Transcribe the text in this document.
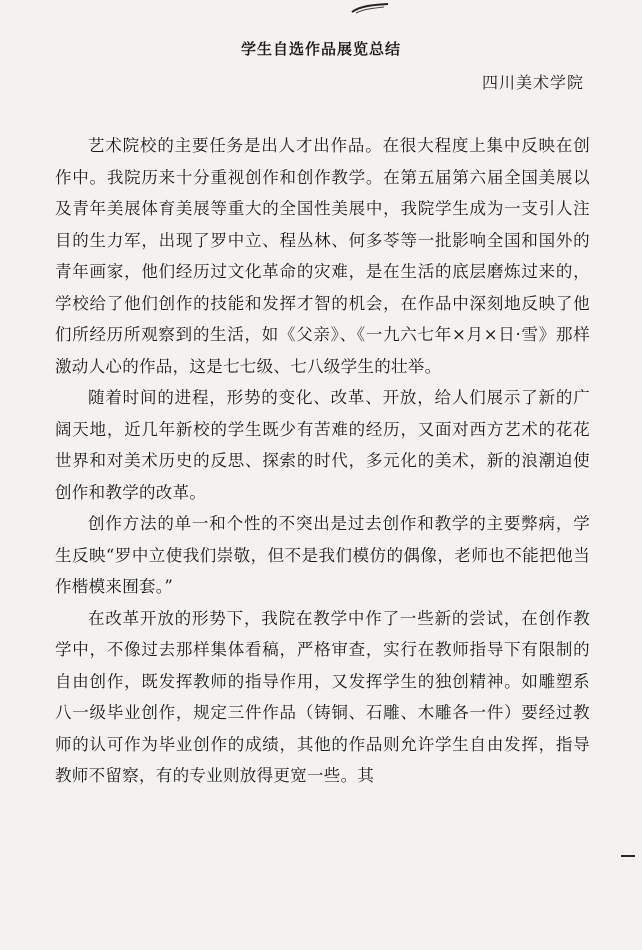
学生自选作品展览总结
四川美术学院

艺术院校的主要任务是出人才出作品。在很大程度上集中反映在创作中。我院历来十分重视创作和创作教学。在第五届第六届全国美展以及青年美展体育美展等重大的全国性美展中，我院学生成为一支引人注目的生力军，出现了罗中立、程丛林、何多苓等一批影响全国和国外的青年画家，他们经历过文化革命的灾难，是在生活的底层磨炼过来的，学校给了他们创作的技能和发挥才智的机会，在作品中深刻地反映了他们所经历所观察到的生活，如《父亲》、《一九六七年×月×日·雪》那样激动人心的作品，这是七七级、七八级学生的壮举。

随着时间的进程，形势的变化、改革、开放，给人们展示了新的广阔天地，近几年新校的学生既少有苦难的经历，又面对西方艺术的花花世界和对美术历史的反思、探索的时代，多元化的美术，新的浪潮迫使创作和教学的改革。

创作方法的单一和个性的不突出是过去创作和教学的主要弊病，学生反映“罗中立使我们崇敬，但不是我们模仿的偶像，老师也不能把他当作楷模来囿套。”

在改革开放的形势下，我院在教学中作了一些新的尝试，在创作教学中，不像过去那样集体看稿，严格审查，实行在教师指导下有限制的自由创作，既发挥教师的指导作用，又发挥学生的独创精神。如雕塑系八一级毕业创作，规定三件作品（铸铜、石雕、木雕各一件）要经过教师的认可作为毕业创作的成绩，其他的作品则允许学生自由发挥，指导教师不留察，有的专业则放得更宽一些。其
